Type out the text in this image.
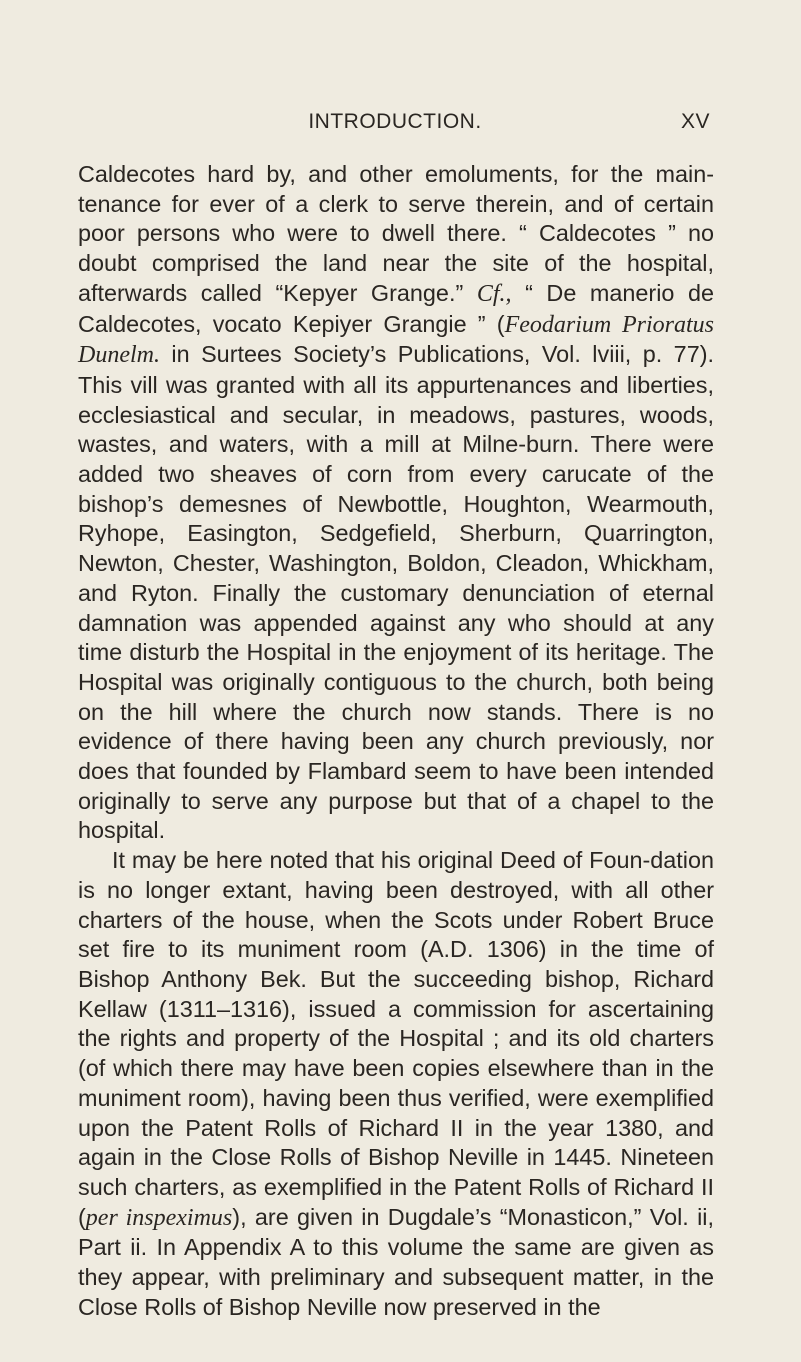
INTRODUCTION.	XV

Caldecotes hard by, and other emoluments, for the main-tenance for ever of a clerk to serve therein, and of certain poor persons who were to dwell there. “ Caldecotes ” no doubt comprised the land near the site of the hospital, afterwards called “Kepyer Grange.” Cf., “ De manerio de Caldecotes, vocato Kepiyer Grangie ” (Feodarium Prioratus Dunelm. in Surtees Society’s Publications, Vol. lviii, p. 77). This vill was granted with all its appurtenances and liberties, ecclesiastical and secular, in meadows, pastures, woods, wastes, and waters, with a mill at Milne-burn. There were added two sheaves of corn from every carucate of the bishop’s demesnes of Newbottle, Houghton, Wearmouth, Ryhope, Easington, Sedgefield, Sherburn, Quarrington, Newton, Chester, Washington, Boldon, Cleadon, Whickham, and Ryton. Finally the customary denunciation of eternal damnation was appended against any who should at any time disturb the Hospital in the enjoyment of its heritage. The Hospital was originally contiguous to the church, both being on the hill where the church now stands. There is no evidence of there having been any church previously, nor does that founded by Flambard seem to have been intended originally to serve any purpose but that of a chapel to the hospital.

It may be here noted that his original Deed of Foun-dation is no longer extant, having been destroyed, with all other charters of the house, when the Scots under Robert Bruce set fire to its muniment room (A.D. 1306) in the time of Bishop Anthony Bek. But the succeeding bishop, Richard Kellaw (1311–1316), issued a commission for ascertaining the rights and property of the Hospital ; and its old charters (of which there may have been copies elsewhere than in the muniment room), having been thus verified, were exemplified upon the Patent Rolls of Richard II in the year 1380, and again in the Close Rolls of Bishop Neville in 1445. Nineteen such charters, as exemplified in the Patent Rolls of Richard II (per inspeximus), are given in Dugdale’s “Monasticon,” Vol. ii, Part ii. In Appendix A to this volume the same are given as they appear, with preliminary and subsequent matter, in the Close Rolls of Bishop Neville now preserved in the
